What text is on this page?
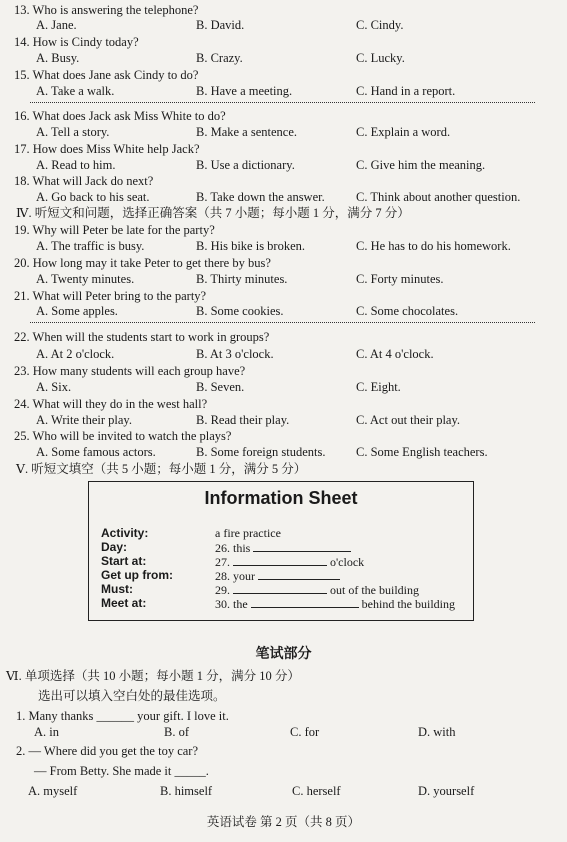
13. Who is answering the telephone?
A. Jane.	B. David.	C. Cindy.
14. How is Cindy today?
A. Busy.	B. Crazy.	C. Lucky.
15. What does Jane ask Cindy to do?
A. Take a walk.	B. Have a meeting.	C. Hand in a report.
16. What does Jack ask Miss White to do?
A. Tell a story.	B. Make a sentence.	C. Explain a word.
17. How does Miss White help Jack?
A. Read to him.	B. Use a dictionary.	C. Give him the meaning.
18. What will Jack do next?
A. Go back to his seat.	B. Take down the answer.	C. Think about another question.
Ⅳ. 听短文和问题，选择正确答案（共 7 小题；每小题 1 分，满分 7 分）
19. Why will Peter be late for the party?
A. The traffic is busy.	B. His bike is broken.	C. He has to do his homework.
20. How long may it take Peter to get there by bus?
A. Twenty minutes.	B. Thirty minutes.	C. Forty minutes.
21. What will Peter bring to the party?
A. Some apples.	B. Some cookies.	C. Some chocolates.
22. When will the students start to work in groups?
A. At 2 o'clock.	B. At 3 o'clock.	C. At 4 o'clock.
23. How many students will each group have?
A. Six.	B. Seven.	C. Eight.
24. What will they do in the west hall?
A. Write their play.	B. Read their play.	C. Act out their play.
25. Who will be invited to watch the plays?
A. Some famous actors.	B. Some foreign students. C. Some English teachers.
Ⅴ. 听短文填空（共 5 小题；每小题 1 分，满分 5 分）
Information Sheet
Activity:	a fire practice
Day:	26. this
Start at:	27.	o'clock
Get up from:	28. your
Must:	29.	out of the building
Meet at:	30. the	behind the building
笔试部分
Ⅵ. 单项选择（共 10 小题；每小题 1 分，满分 10 分）
选出可以填入空白处的最佳选项。
1. Many thanks ______ your gift. I love it.
A. in	B. of	C. for	D. with
2. — Where did you get the toy car?
— From Betty. She made it _____.
A. myself	B. himself	C. herself	D. yourself
英语试卷 第 2 页（共 8 页）
